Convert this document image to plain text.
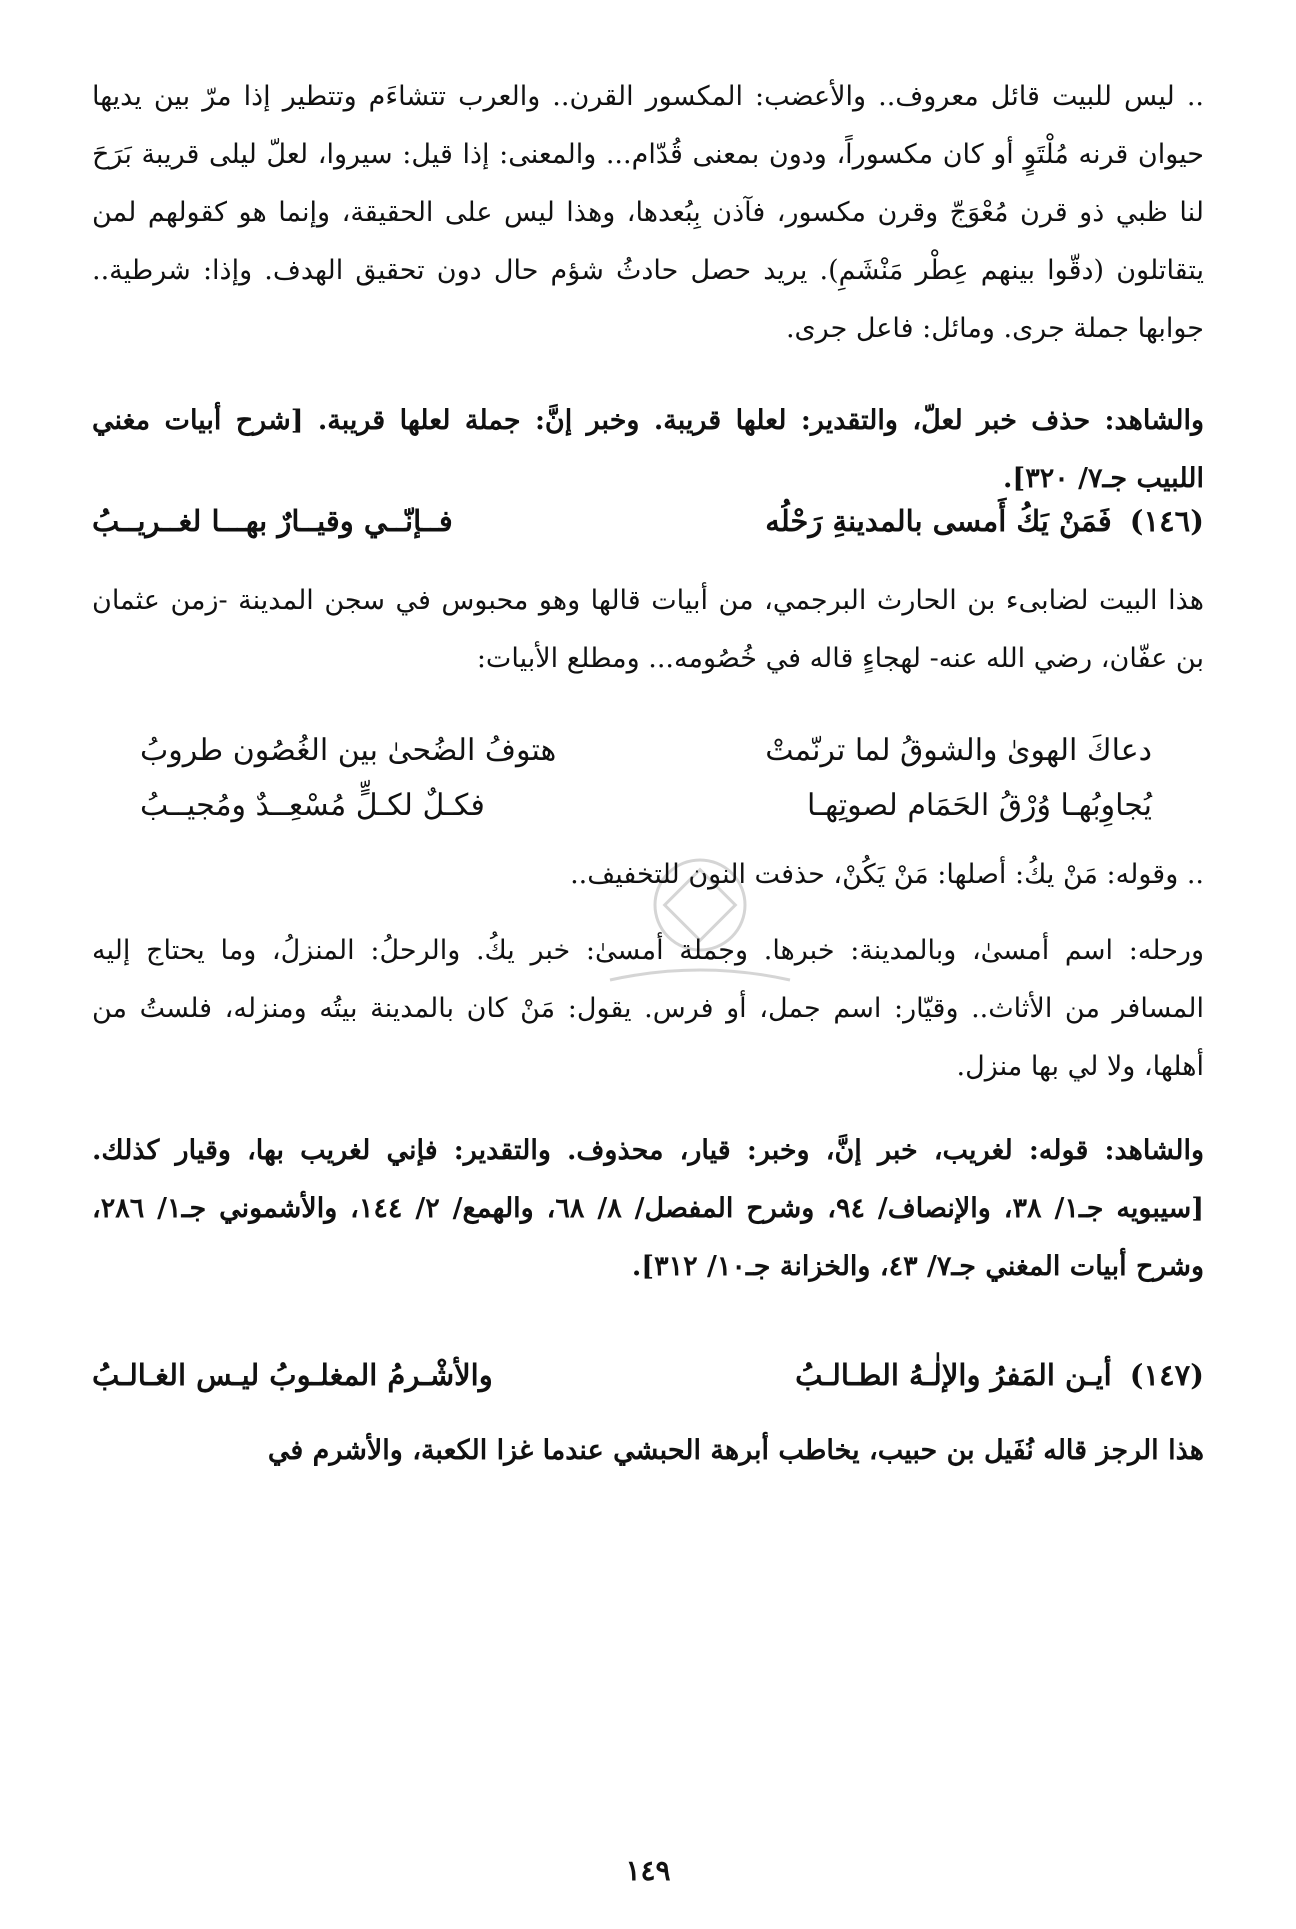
.. ليس للبيت قائل معروف.. والأعضب: المكسور القرن.. والعرب تتشاءَم وتتطير إذا مرّ بين يديها حيوان قرنه مُلْتَوٍ أو كان مكسوراً، ودون بمعنى قُدّام... والمعنى: إذا قيل: سيروا، لعلّ ليلى قريبة بَرَحَ لنا ظبي ذو قرن مُعْوَجّ وقرن مكسور، فآذن بِبُعدها، وهذا ليس على الحقيقة، وإنما هو كقولهم لمن يتقاتلون (دقّوا بينهم عِطْر مَنْشَمِ). يريد حصل حادثُ شؤم حال دون تحقيق الهدف. وإذا: شرطية.. جوابها جملة جرى. ومائل: فاعل جرى.

والشاهد: حذف خبر لعلّ، والتقدير: لعلها قريبة. وخبر إنَّ: جملة لعلها قريبة. [شرح أبيات مغني اللبيب جـ٧/ ٣٢٠].

(١٤٦) فَمَنْ يَكُ أَمسى بالمدينةِ رَحْلُه
فــإنّــي وقيــارٌ بهـــا لغــريــبُ

هذا البيت لضابىء بن الحارث البرجمي، من أبيات قالها وهو محبوس في سجن المدينة -زمن عثمان بن عفّان، رضي الله عنه- لهجاءٍ قاله في خُصُومه... ومطلع الأبيات:

دعاكَ الهوىٰ والشوقُ لما ترنّمتْ
هتوفُ الضُحىٰ بين الغُصُون طروبُ
يُجاوِبُهـا وُرْقُ الحَمَام لصوتِهـا
فكـلٌ لكـلٍّ مُسْعِــدٌ ومُجيــبُ

.. وقوله: مَنْ يكُ: أصلها: مَنْ يَكُنْ، حذفت النون للتخفيف..

ورحله: اسم أمسىٰ، وبالمدينة: خبرها. وجملة أمسىٰ: خبر يكُ. والرحلُ: المنزلُ، وما يحتاج إليه المسافر من الأثاث.. وقيّار: اسم جمل، أو فرس. يقول: مَنْ كان بالمدينة بيتُه ومنزله، فلستُ من أهلها، ولا لي بها منزل.

والشاهد: قوله: لغريب، خبر إنَّ، وخبر: قيار، محذوف. والتقدير: فإني لغريب بها، وقيار كذلك. [سيبويه جـ١/ ٣٨، والإنصاف/ ٩٤، وشرح المفصل/ ٨/ ٦٨، والهمع/ ٢/ ١٤٤، والأشموني جـ١/ ٢٨٦، وشرح أبيات المغني جـ٧/ ٤٣، والخزانة جـ١٠/ ٣١٢].

(١٤٧) أيـن المَفرُ والإلٰـهُ الطـالـبُ
والأشْـرمُ المغلـوبُ ليـس الغـالـبُ

هذا الرجز قاله نُفَيل بن حبيب، يخاطب أبرهة الحبشي عندما غزا الكعبة، والأشرم في

١٤٩
